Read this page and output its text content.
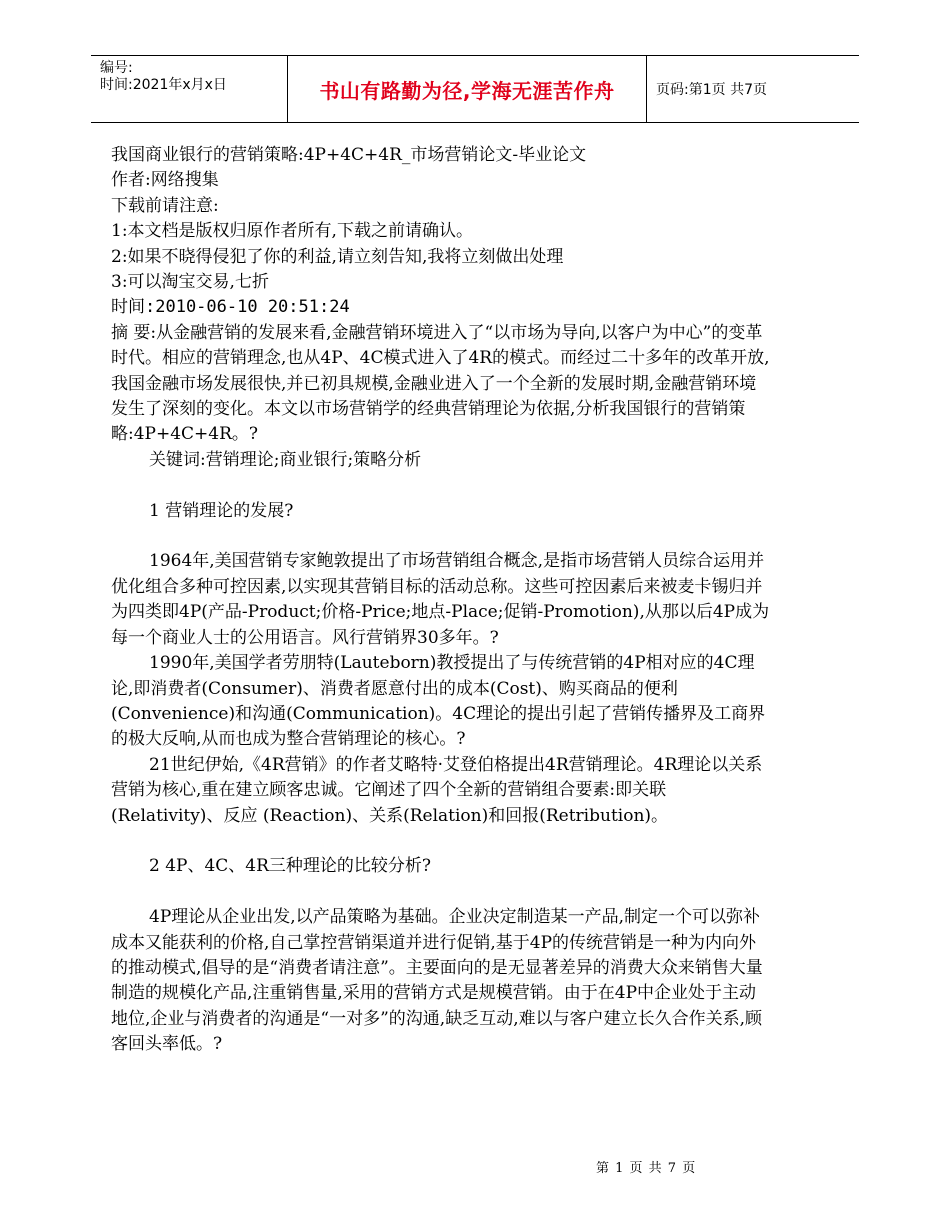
编号:
时间:2021年x月x日	书山有路勤为径,学海无涯苦作舟	页码:第1页 共7页

我国商业银行的营销策略:4P+4C+4R_市场营销论文-毕业论文

作者:网络搜集

下载前请注意:

1:本文档是版权归原作者所有,下载之前请确认。

2:如果不晓得侵犯了你的利益,请立刻告知,我将立刻做出处理

3:可以淘宝交易,七折

时间:2010-06-10 20:51:24

摘 要:从金融营销的发展来看,金融营销环境进入了“以市场为导向,以客户为中心”的变革时代。相应的营销理念,也从4P、4C模式进入了4R的模式。而经过二十多年的改革开放,我国金融市场发展很快,并已初具规模,金融业进入了一个全新的发展时期,金融营销环境发生了深刻的变化。本文以市场营销学的经典营销理论为依据,分析我国银行的营销策略:4P+4C+4R。?

关键词:营销理论;商业银行;策略分析

1 营销理论的发展?

1964年,美国营销专家鲍敦提出了市场营销组合概念,是指市场营销人员综合运用并优化组合多种可控因素,以实现其营销目标的活动总称。这些可控因素后来被麦卡锡归并为四类即4P(产品-Product;价格-Price;地点-Place;促销-Promotion),从那以后4P成为每一个商业人士的公用语言。风行营销界30多年。?

1990年,美国学者劳朋特(Lauteborn)教授提出了与传统营销的4P相对应的4C理论,即消费者(Consumer)、消费者愿意付出的成本(Cost)、购买商品的便利(Convenience)和沟通(Communication)。4C理论的提出引起了营销传播界及工商界的极大反响,从而也成为整合营销理论的核心。?

21世纪伊始,《4R营销》的作者艾略特·艾登伯格提出4R营销理论。4R理论以关系营销为核心,重在建立顾客忠诚。它阐述了四个全新的营销组合要素:即关联(Relativity)、反应 (Reaction)、关系(Relation)和回报(Retribution)。

2 4P、4C、4R三种理论的比较分析?

4P理论从企业出发,以产品策略为基础。企业决定制造某一产品,制定一个可以弥补成本又能获利的价格,自己掌控营销渠道并进行促销,基于4P的传统营销是一种为内向外的推动模式,倡导的是“消费者请注意”。主要面向的是无显著差异的消费大众来销售大量制造的规模化产品,注重销售量,采用的营销方式是规模营销。由于在4P中企业处于主动地位,企业与消费者的沟通是“一对多”的沟通,缺乏互动,难以与客户建立长久合作关系,顾客回头率低。?

第 1 页 共 7 页
